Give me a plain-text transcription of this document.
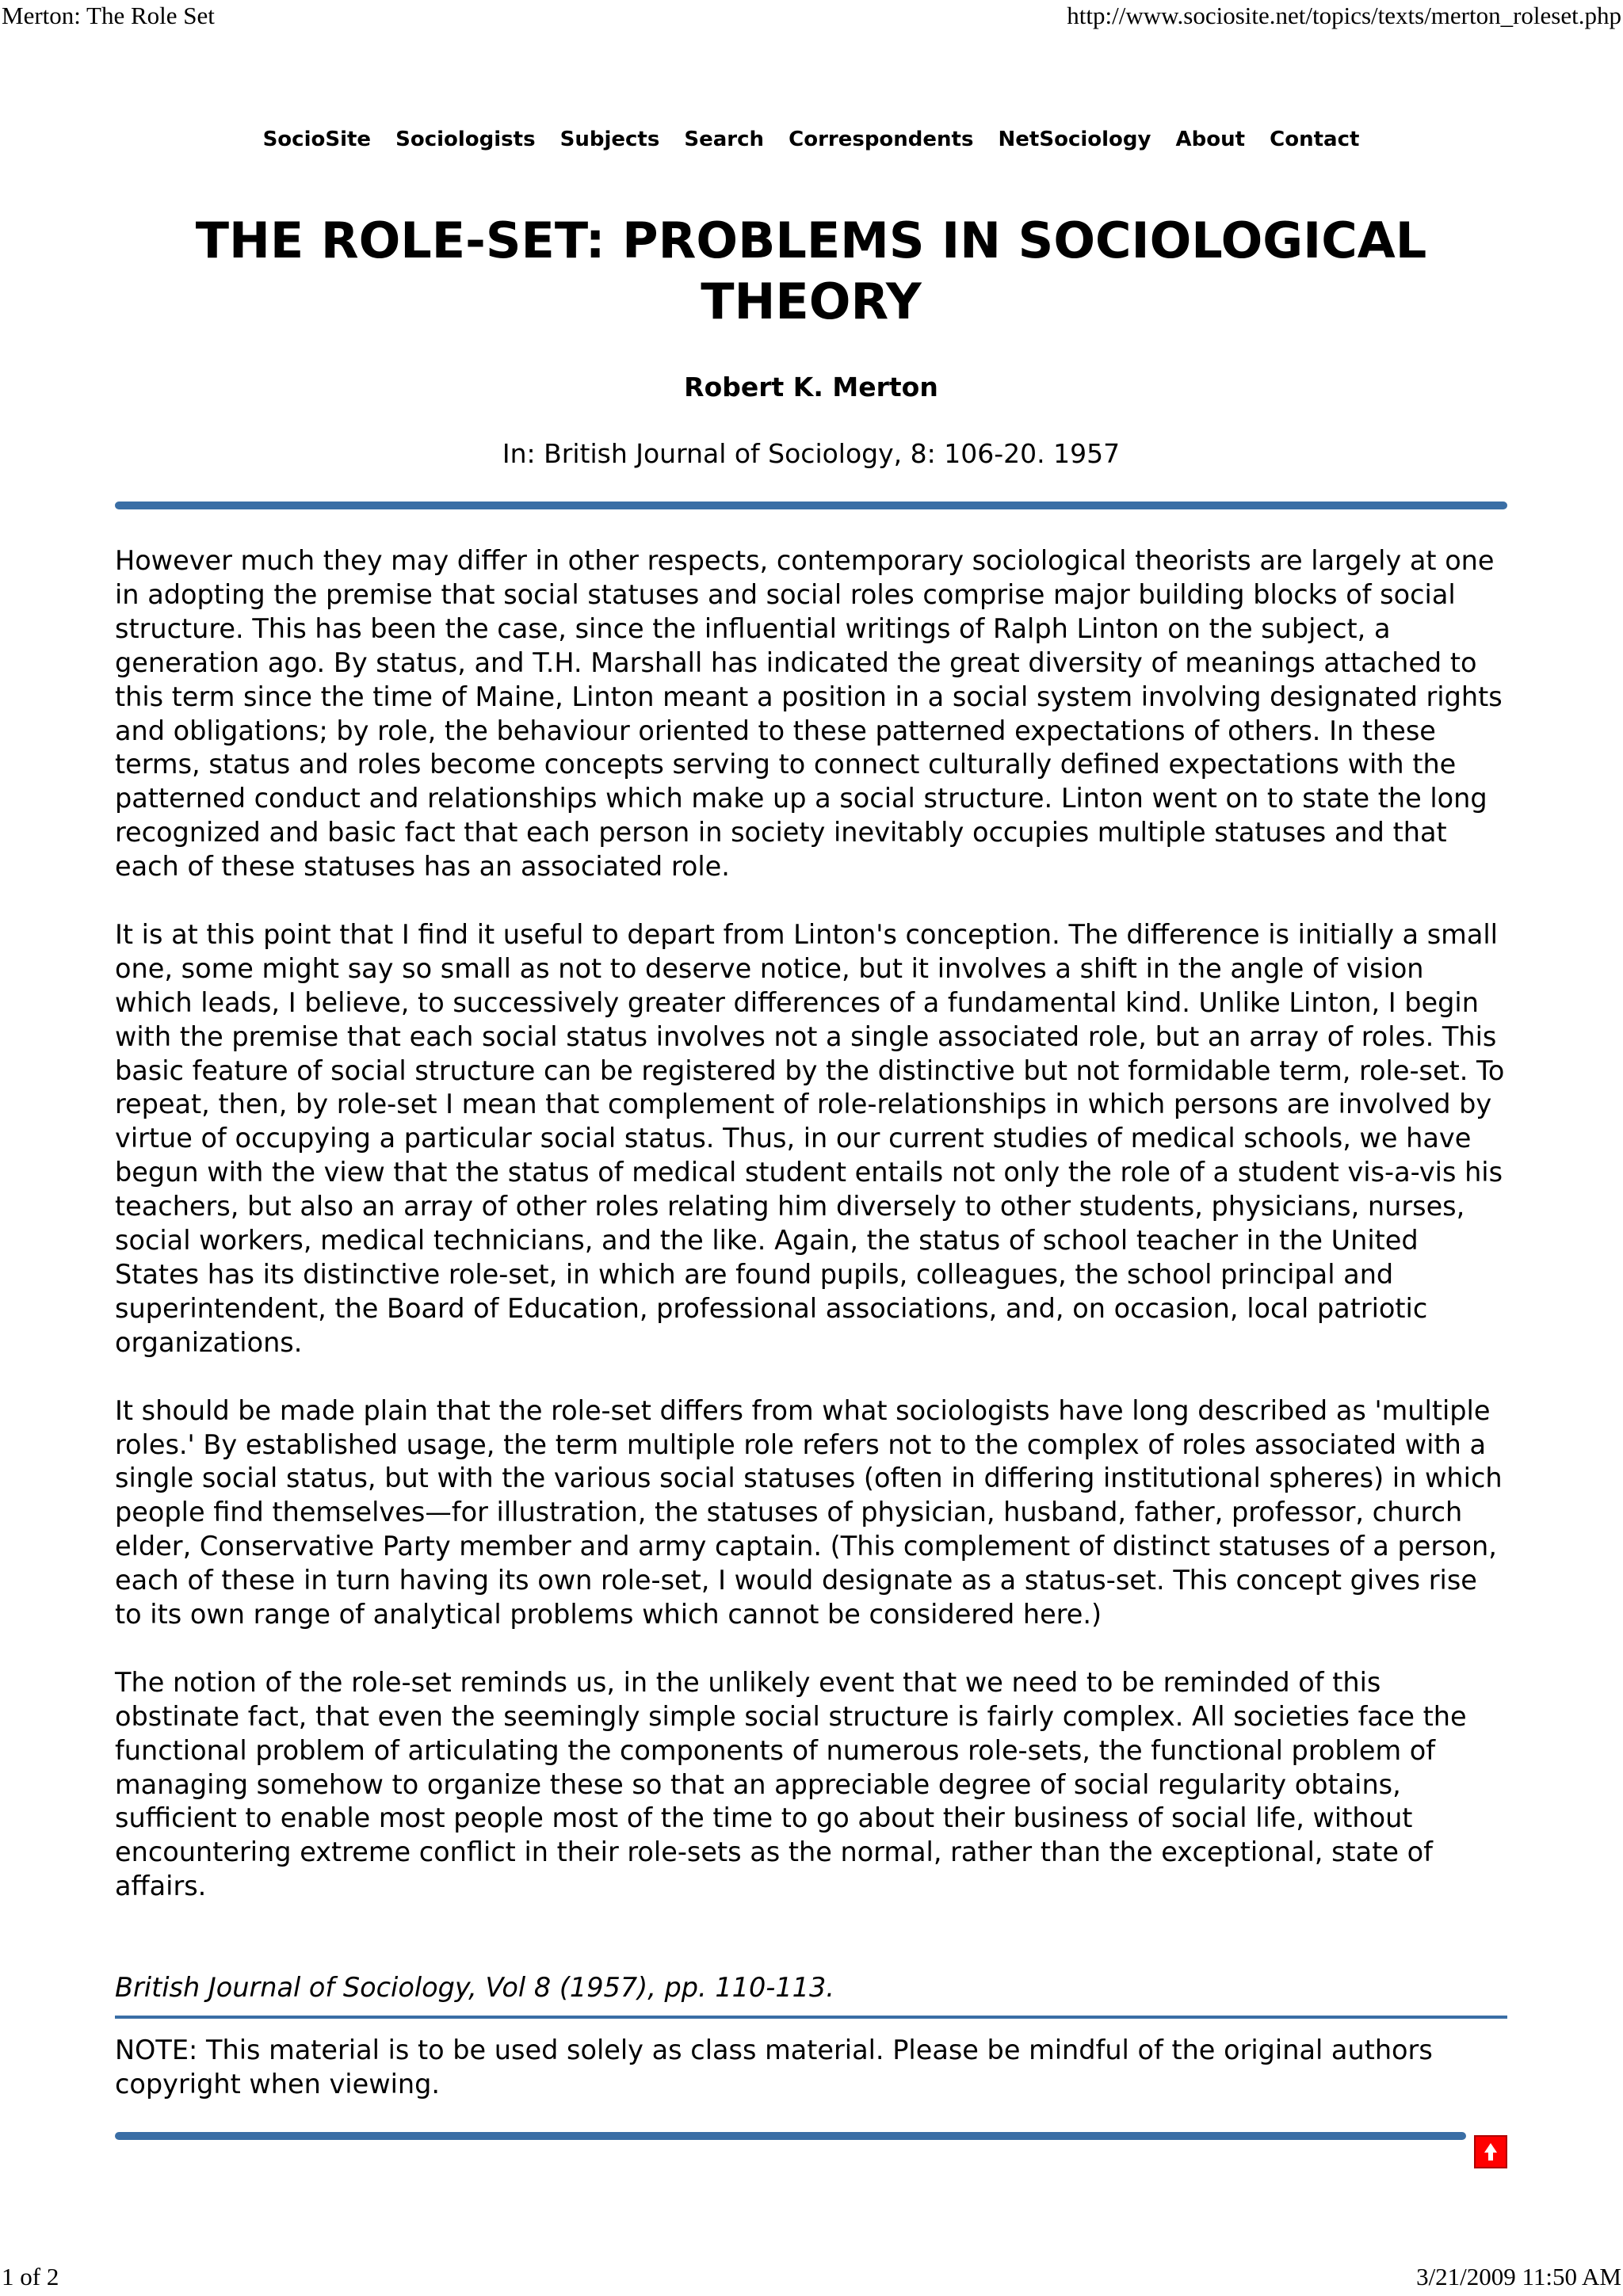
Merton: The Role Set	http://www.sociosite.net/topics/texts/merton_roleset.php
SocioSite Sociologists Subjects Search Correspondents NetSociology About Contact
THE ROLE-SET: PROBLEMS IN SOCIOLOGICAL THEORY
Robert K. Merton
In: British Journal of Sociology, 8: 106-20. 1957

However much they may differ in other respects, contemporary sociological theorists are largely at one in adopting the premise that social statuses and social roles comprise major building blocks of social structure. This has been the case, since the influential writings of Ralph Linton on the subject, a generation ago. By status, and T.H. Marshall has indicated the great diversity of meanings attached to this term since the time of Maine, Linton meant a position in a social system involving designated rights and obligations; by role, the behaviour oriented to these patterned expectations of others. In these terms, status and roles become concepts serving to connect culturally defined expectations with the patterned conduct and relationships which make up a social structure. Linton went on to state the long recognized and basic fact that each person in society inevitably occupies multiple statuses and that each of these statuses has an associated role.

It is at this point that I find it useful to depart from Linton's conception. The difference is initially a small one, some might say so small as not to deserve notice, but it involves a shift in the angle of vision which leads, I believe, to successively greater differences of a fundamental kind. Unlike Linton, I begin with the premise that each social status involves not a single associated role, but an array of roles. This basic feature of social structure can be registered by the distinctive but not formidable term, role-set. To repeat, then, by role-set I mean that complement of role-relationships in which persons are involved by virtue of occupying a particular social status. Thus, in our current studies of medical schools, we have begun with the view that the status of medical student entails not only the role of a student vis-a-vis his teachers, but also an array of other roles relating him diversely to other students, physicians, nurses, social workers, medical technicians, and the like. Again, the status of school teacher in the United States has its distinctive role-set, in which are found pupils, colleagues, the school principal and superintendent, the Board of Education, professional associations, and, on occasion, local patriotic organizations.

It should be made plain that the role-set differs from what sociologists have long described as 'multiple roles.' By established usage, the term multiple role refers not to the complex of roles associated with a single social status, but with the various social statuses (often in differing institutional spheres) in which people find themselves—for illustration, the statuses of physician, husband, father, professor, church elder, Conservative Party member and army captain. (This complement of distinct statuses of a person, each of these in turn having its own role-set, I would designate as a status-set. This concept gives rise to its own range of analytical problems which cannot be considered here.)

The notion of the role-set reminds us, in the unlikely event that we need to be reminded of this obstinate fact, that even the seemingly simple social structure is fairly complex. All societies face the functional problem of articulating the components of numerous role-sets, the functional problem of managing somehow to organize these so that an appreciable degree of social regularity obtains, sufficient to enable most people most of the time to go about their business of social life, without encountering extreme conflict in their role-sets as the normal, rather than the exceptional, state of affairs.

British Journal of Sociology, Vol 8 (1957), pp. 110-113.
NOTE: This material is to be used solely as class material. Please be mindful of the original authors copyright when viewing.
1 of 2	3/21/2009 11:50 AM
